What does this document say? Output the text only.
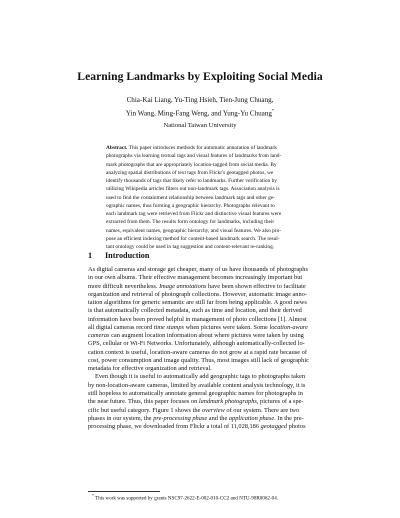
Learning Landmarks by Exploiting Social Media
Chia-Kai Liang, Yu-Ting Hsieh, Tien-Jung Chuang,
Yin Wang, Ming-Fang Weng, and Yung-Yu Chuang*
National Taiwan University
Abstract. This paper introduces methods for automatic annotation of landmark
photographs via learning textual tags and visual features of landmarks from land-
mark photographs that are appropriately location-tagged from social media. By
analyzing spatial distributions of text tags from Flickr's geotagged photos, we
identify thousands of tags that likely refer to landmarks. Further verification by
utilizing Wikipedia articles filters out non-landmark tags. Association analysis is
used to find the containment relationship between landmark tags and other ge-
ographic names, thus forming a geographic hierarchy. Photographs relevant to
each landmark tag were retrieved from Flickr and distinctive visual features were
extracted from them. The results form ontology for landmarks, including their
names, equivalent names, geographic hierarchy, and visual features. We also pro-
pose an efficient indexing method for content-based landmark search. The resul-
tant ontology could be used in tag suggestion and content-relevant re-ranking.
1 Introduction
As digital cameras and storage get cheaper, many of us have thousands of photographs
in our own albums. Their effective management becomes increasingly important but
more difficult nevertheless. Image annotations have been shown effective to facilitate
organization and retrieval of photograph collections. However, automatic image anno-
tation algorithms for generic semantic are still far from being applicable. A good news
is that automatically collected metadata, such as time and location, and their derived
information have been proved helpful in management of photo collections [1]. Almost
all digital cameras record time stamps when pictures were taken. Some location-aware
cameras can augment location information about where pictures were taken by using
GPS, cellular or Wi-Fi Networks. Unfortunately, although automatically-collected lo-
cation context is useful, location-aware cameras do not grow at a rapid rate because of
cost, power consumption and image quality. Thus, most images still lack of geographic
metadata for effective organization and retrieval.
Even though it is useful to automatically add geographic tags to photographs taken
by non-location-aware cameras, limited by available content analysis technology, it is
still hopeless to automatically annotate general geographic names for photographs in
the near future. Thus, this paper focuses on landmark photographs, pictures of a spe-
cific but useful category. Figure 1 shows the overview of our system. There are two
phases in our system, the pre-processing phase and the application phase. In the pre-
processing phase, we downloaded from Flickr a total of 11,028,186 geotagged photos
* This work was supported by grants NSC97-2622-E-002-010-CC2 and NTU-98R0062-04.
